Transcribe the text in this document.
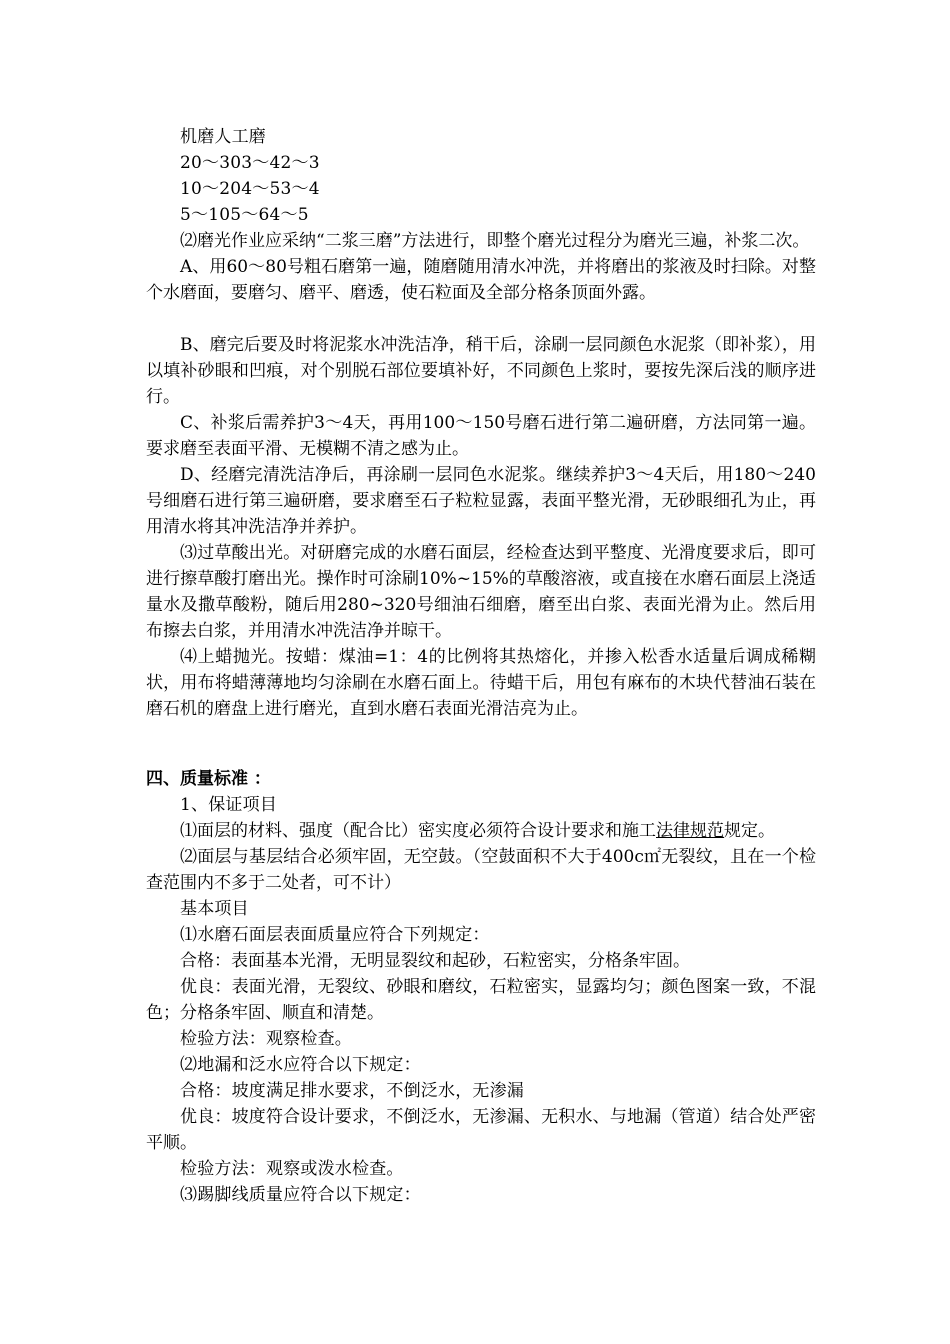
机磨人工磨
20～303～42～3
10～204～53～4
5～105～64～5

⑵磨光作业应采纳“二浆三磨”方法进行，即整个磨光过程分为磨光三遍，补浆二次。

A、用60～80号粗石磨第一遍，随磨随用清水冲洗，并将磨出的浆液及时扫除。对整个水磨面，要磨匀、磨平、磨透，使石粒面及全部分格条顶面外露。

B、磨完后要及时将泥浆水冲洗洁净，稍干后，涂刷一层同颜色水泥浆（即补浆），用以填补砂眼和凹痕，对个别脱石部位要填补好，不同颜色上浆时，要按先深后浅的顺序进行。

C、补浆后需养护3～4天，再用100～150号磨石进行第二遍研磨，方法同第一遍。要求磨至表面平滑、无模糊不清之感为止。

D、经磨完清洗洁净后，再涂刷一层同色水泥浆。继续养护3～4天后，用180～240号细磨石进行第三遍研磨，要求磨至石子粒粒显露，表面平整光滑，无砂眼细孔为止，再用清水将其冲洗洁净并养护。

⑶过草酸出光。对研磨完成的水磨石面层，经检查达到平整度、光滑度要求后，即可进行擦草酸打磨出光。操作时可涂刷10%~15%的草酸溶液，或直接在水磨石面层上浇适量水及撒草酸粉，随后用280~320号细油石细磨，磨至出白浆、表面光滑为止。然后用布擦去白浆，并用清水冲洗洁净并晾干。

⑷上蜡抛光。按蜡：煤油=1：4的比例将其热熔化，并掺入松香水适量后调成稀糊状，用布将蜡薄薄地均匀涂刷在水磨石面上。待蜡干后，用包有麻布的木块代替油石装在磨石机的磨盘上进行磨光，直到水磨石表面光滑洁亮为止。

四、质量标准 ：
1、保证项目

⑴面层的材料、强度（配合比）密实度必须符合设计要求和施工法律规范规定。

⑵面层与基层结合必须牢固，无空鼓。（空鼓面积不大于400c㎡无裂纹，且在一个检查范围内不多于二处者，可不计）

基本项目
⑴水磨石面层表面质量应符合下列规定：

合格：表面基本光滑，无明显裂纹和起砂，石粒密实，分格条牢固。

优良：表面光滑，无裂纹、砂眼和磨纹，石粒密实，显露均匀；颜色图案一致，不混色；分格条牢固、顺直和清楚。

检验方法：观察检查。
⑵地漏和泛水应符合以下规定：
合格：坡度满足排水要求，不倒泛水，无渗漏

优良：坡度符合设计要求，不倒泛水，无渗漏、无积水、与地漏（管道）结合处严密平顺。

检验方法：观察或泼水检查。
⑶踢脚线质量应符合以下规定：
